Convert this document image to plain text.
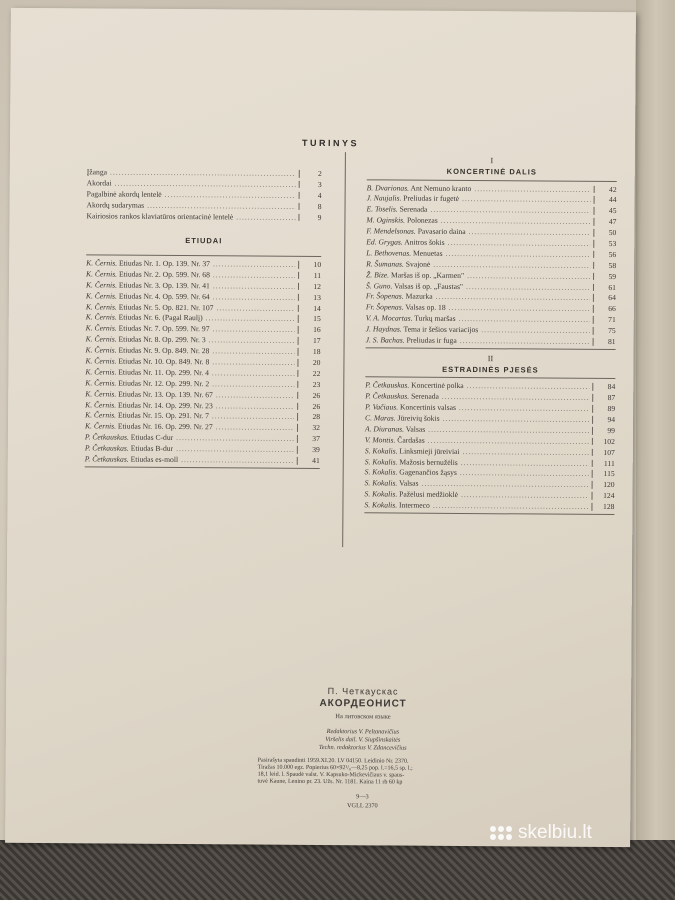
TURINYS
Įžanga .....	2
Akordai .....	3
Pagalbinė akordų lentelė .....	4
Akordų sudarymas .....	8
Kairiosios rankos klaviatūros orientacinė lentelė .....	9
ETIUDAI
K. Černis. Etiudas Nr. 1. Op. 139. Nr. 37 .....	10
K. Černis. Etiudas Nr. 2. Op. 599. Nr. 68 .....	11
K. Černis. Etiudas Nr. 3. Op. 139. Nr. 41 .....	12
K. Černis. Etiudas Nr. 4. Op. 599. Nr. 64 .....	13
K. Černis. Etiudas Nr. 5. Op. 821. Nr. 107 .....	14
K. Černis. Etiudas Nr. 6. (Pagal Raulį) .....	15
K. Černis. Etiudas Nr. 7. Op. 599. Nr. 97 .....	16
K. Černis. Etiudas Nr. 8. Op. 299. Nr. 3 .....	17
K. Černis. Etiudas Nr. 9. Op. 849. Nr. 28 .....	18
K. Černis. Etiudas Nr. 10. Op. 849. Nr. 8 .....	20
K. Černis. Etiudas Nr. 11. Op. 299. Nr. 4 .....	22
K. Černis. Etiudas Nr. 12. Op. 299. Nr. 2 .....	23
K. Černis. Etiudas Nr. 13. Op. 139. Nr. 67 .....	26
K. Černis. Etiudas Nr. 14. Op. 299. Nr. 23 .....	26
K. Černis. Etiudas Nr. 15. Op. 291. Nr. 7 .....	28
K. Černis. Etiudas Nr. 16. Op. 299. Nr. 27 .....	32
P. Četkauskas. Etiudas C-dur .....	37
P. Četkauskas. Etiudas B-dur .....	39
P. Četkauskas. Etiudas es-moll .....	41
I
KONCERTINĖ DALIS
B. Dvarionas. Ant Nemuno kranto .....	42
J. Naujalis. Preliudas ir fugetė .....	44
E. Toselis. Serenada .....	45
M. Oginskis. Polonezas .....	47
F. Mendelsonas. Pavasario daina .....	50
Ed. Grygas. Anitros šokis .....	53
L. Bethovenas. Menuetas .....	56
R. Šumanas. Svajonė .....	58
Ž. Bize. Maršas iš op. „Karmen" .....	59
Š. Guno. Valsas iš op. „Faustas" .....	61
Fr. Šopenas. Mazurka .....	64
Fr. Šopenas. Valsas op. 18 .....	66
V. A. Mocartas. Turkų maršas .....	71
J. Haydnas. Tema ir šešios variacijos .....	75
J. S. Bachas. Preliudas ir fuga .....	81
II
ESTRADINĖS PJESĖS
P. Četkauskas. Koncertinė polka .....	84
P. Četkauskas. Serenada .....	87
P. Vačiaus. Koncertinis valsas .....	89
C. Maras. Jūreivių šokis .....	94
A. Diuranas. Valsas .....	99
V. Montis. Čardašas .....	102
S. Kokalis. Linksmieji jūreiviai .....	107
S. Kokalis. Mažosis bernužėlis .....	111
S. Kokalis. Gagenančios žąsys .....	115
S. Kokalis. Valsas .....	120
S. Kokalis. Pažėlusi medžioklė .....	124
S. Kokalis. Intermeco .....	128
П. Четкаускас
АКОРДЕОНИСТ
На литовском языке
Redaktorius V. Peltanavičius
Viršelis dail. V. Siupšinskaitės
Techn. redaktorius V. Zdancevičius
Pasirašyta spaudinti 1959.XI.20. LV 04150. Leidinio Nr. 2370.
Tiražas 10.000 egz. Popierius 60×92¹/₈—8,25 pop. l.=16,5 sp. l.;
18,1 leid. l. Spaudė valst. V. Kapsuko-Mickevičiaus v. spaus-
tuvė Kaune, Lenino pr. 23. Užs. Nr. 1181. Kaina 11 rb 60 kp
9—3
VGLL 2370
skelbiu.lt
